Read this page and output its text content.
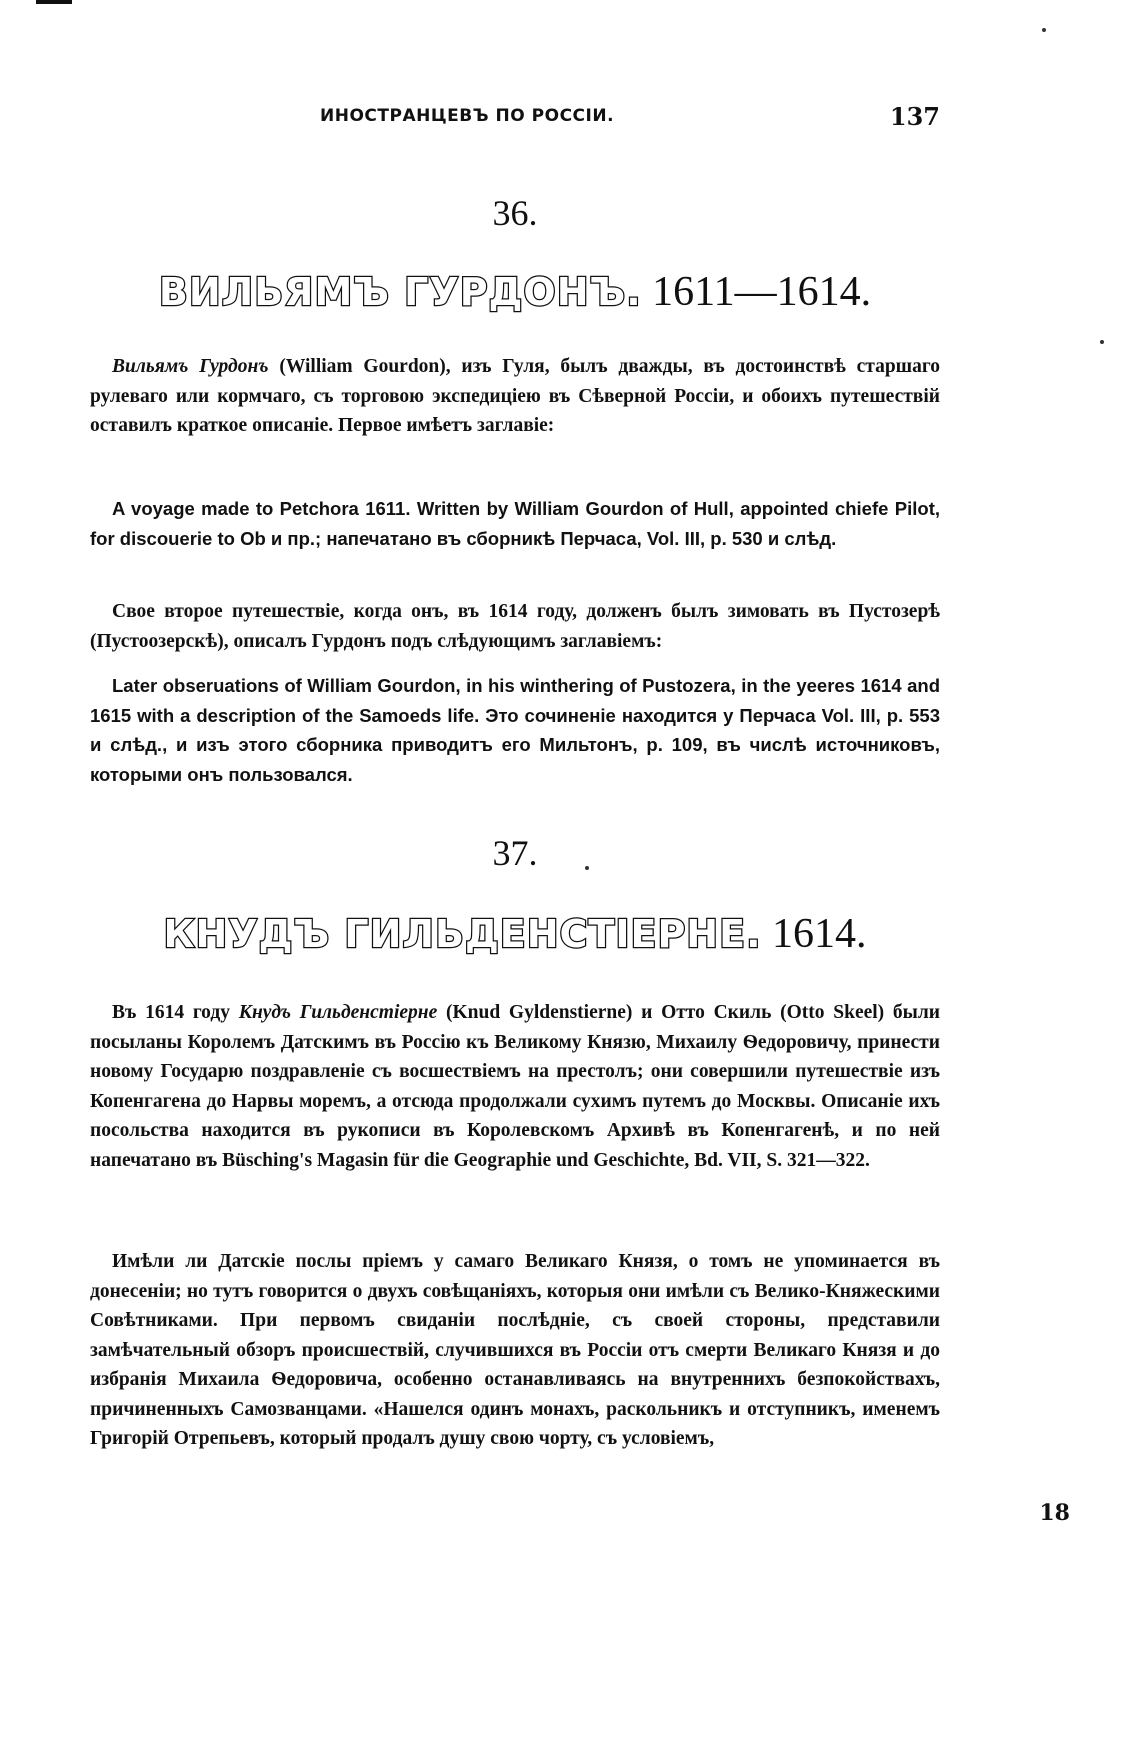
ИНОСТРАНЦЕВЪ ПО РОССІИ.	137
36.
ВИЛЬЯМЪ ГУРДОНЪ. 1611—1614.

Вильямъ Гурдонъ (William Gourdon), изъ Гуля, былъ дважды, въ достоинствѣ старшаго рулеваго или кормчаго, съ торговою экспедиціею въ Сѣверной Россіи, и обоихъ путешествій оставилъ краткое описаніе. Первое имѣетъ заглавіе:

A voyage made to Petchora 1611. Written by William Gourdon of Hull, appointed chiefe Pilot, for discouerie to Ob и пр.; напечатано въ сборникѣ Перчаса, Vol. III, p. 530 и слѣд.

Свое второе путешествіе, когда онъ, въ 1614 году, долженъ былъ зимовать въ Пустозерѣ (Пустоозерскѣ), описалъ Гурдонъ подъ слѣдующимъ заглавіемъ:

Later obseruations of William Gourdon, in his winthering of Pustozera, in the yeeres 1614 and 1615 with a description of the Samoeds life. Это сочиненіе находится у Перчаса Vol. III, p. 553 и слѣд., и изъ этого сборника приводитъ его Мильтонъ, p. 109, въ числѣ источниковъ, которыми онъ пользовался.

37.
КНУДЪ ГИЛЬДЕНСТІЕРНЕ. 1614.

Въ 1614 году Кнудъ Гильденстіерне (Knud Gyldenstierne) и Отто Скиль (Otto Skeel) были посыланы Королемъ Датскимъ въ Россію къ Великому Князю, Михаилу Ѳедоровичу, принести новому Государю поздравленіе съ восшествіемъ на престолъ; они совершили путешествіе изъ Копенгагена до Нарвы моремъ, а отсюда продолжали сухимъ путемъ до Москвы. Описаніе ихъ посольства находится въ рукописи въ Королевскомъ Архивѣ въ Копенгагенѣ, и по ней напечатано въ Büsching's Magasin für die Geographie und Geschichte, Bd. VII, S. 321—322.

Имѣли ли Датскіе послы пріемъ у самаго Великаго Князя, о томъ не упоминается въ донесеніи; но тутъ говорится о двухъ совѣщаніяхъ, которыя они имѣли съ Велико-Княжескими Совѣтниками. При первомъ свиданіи послѣдніе, съ своей стороны, представили замѣчательный обзоръ происшествій, случившихся въ Россіи отъ смерти Великаго Князя и до избранія Михаила Ѳедоровича, особенно останавливаясь на внутреннихъ безпокойствахъ, причиненныхъ Самозванцами. «Нашелся одинъ монахъ, раскольникъ и отступникъ, именемъ Григорій Отрепьевъ, который продалъ душу свою чорту, съ условіемъ,

18
